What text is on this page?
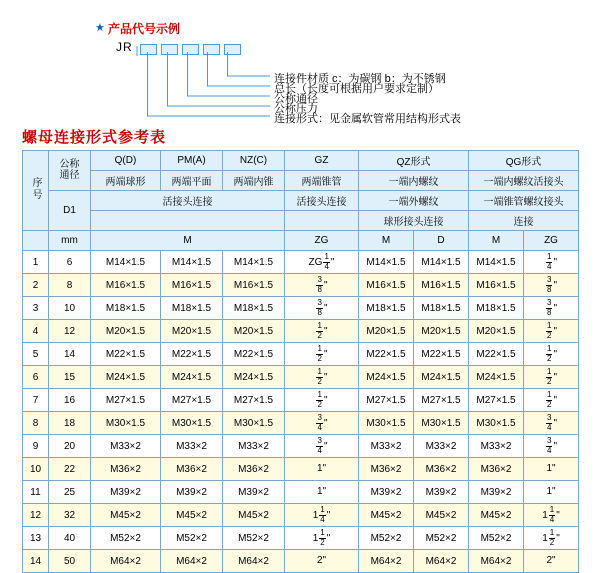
★ 产品代号示例
JR
连接件材质 c：为碳钢 b：为不锈钢
总长（长度可根据用户要求定制）
公称通径
公称压力
连接形式：见金属软管常用结构形式表
螺母连接形式参考表
序号	公称通径	Q(D)	PM(A)	NZ(C)	GZ	QZ形式		QG形式	
		两端球形	两端平面	两端内锥	两端锥管	一端内螺纹		一端内螺纹活接头	
	D1	活接头连接			活接头连接	一端外螺纹		一端锥管螺纹接头	
						球形接头连接		连接	
	mm	M			ZG	M	D	M	ZG
1	6	M14×1.5	M14×1.5	M14×1.5	ZG $\frac{1}{4}$ "	M14×1.5	M14×1.5	M14×1.5	$\frac{1}{4}$ "
2	8	M16×1.5	M16×1.5	M16×1.5	$\frac{3}{8}$ "	M16×1.5	M16×1.5	M16×1.5	$\frac{3}{8}$ "
3	10	M18×1.5	M18×1.5	M18×1.5	$\frac{3}{8}$ "	M18×1.5	M18×1.5	M18×1.5	$\frac{3}{8}$ "
4	12	M20×1.5	M20×1.5	M20×1.5	$\frac{1}{2}$ "	M20×1.5	M20×1.5	M20×1.5	$\frac{1}{2}$ "
5	14	M22×1.5	M22×1.5	M22×1.5	$\frac{1}{2}$ "	M22×1.5	M22×1.5	M22×1.5	$\frac{1}{2}$ "
6	15	M24×1.5	M24×1.5	M24×1.5	$\frac{1}{2}$ "	M24×1.5	M24×1.5	M24×1.5	$\frac{1}{2}$ "
7	16	M27×1.5	M27×1.5	M27×1.5	$\frac{1}{2}$ "	M27×1.5	M27×1.5	M27×1.5	$\frac{1}{2}$ "
8	18	M30×1.5	M30×1.5	M30×1.5	$\frac{3}{4}$ "	M30×1.5	M30×1.5	M30×1.5	$\frac{3}{4}$ "
9	20	M33×2	M33×2	M33×2	$\frac{3}{4}$ "	M33×2	M33×2	M33×2	$\frac{3}{4}$ "
10	22	M36×2	M36×2	M36×2	1"	M36×2	M36×2	M36×2	1"
11	25	M39×2	M39×2	M39×2	1"	M39×2	M39×2	M39×2	1"
12	32	M45×2	M45×2	M45×2	$1 \frac{1}{4}$ "	M45×2	M45×2	M45×2	$1 \frac{1}{4}$ "
13	40	M52×2	M52×2	M52×2	$1 \frac{1}{2}$ "	M52×2	M52×2	M52×2	$1 \frac{1}{2}$ "
14	50	M64×2	M64×2	M64×2	2"	M64×2	M64×2	M64×2	2"
